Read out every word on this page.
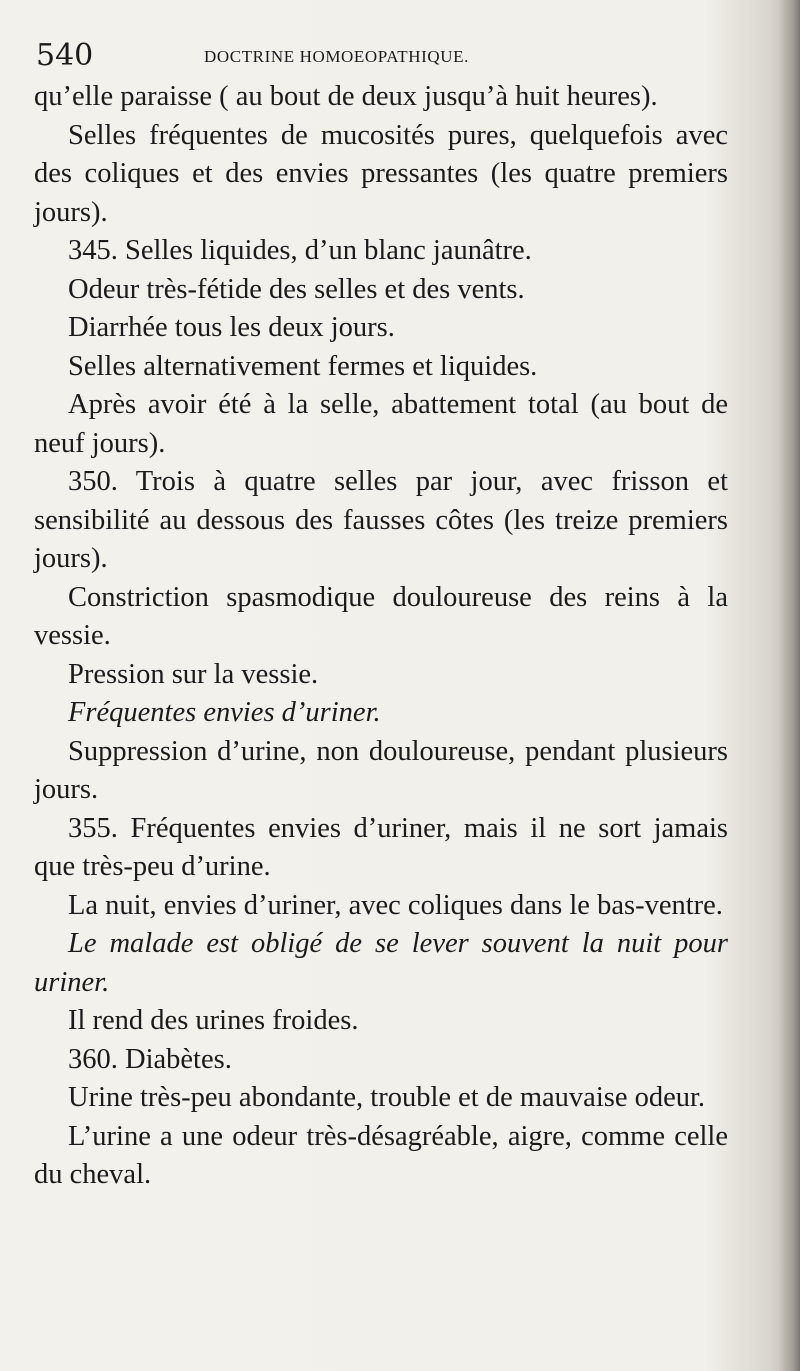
540	DOCTRINE HOMOEOPATHIQUE.

qu’elle paraisse ( au bout de deux jusqu’à huit heures).

Selles fréquentes de mucosités pures, quelquefois avec des coliques et des envies pressantes (les quatre premiers jours).

345. Selles liquides, d’un blanc jaunâtre.

Odeur très-fétide des selles et des vents.

Diarrhée tous les deux jours.

Selles alternativement fermes et liquides.

Après avoir été à la selle, abattement total (au bout de neuf jours).

350. Trois à quatre selles par jour, avec frisson et sensibilité au dessous des fausses côtes (les treize premiers jours).

Constriction spasmodique douloureuse des reins à la vessie.

Pression sur la vessie.

Fréquentes envies d’uriner.

Suppression d’urine, non douloureuse, pendant plusieurs jours.

355. Fréquentes envies d’uriner, mais il ne sort jamais que très-peu d’urine.

La nuit, envies d’uriner, avec coliques dans le bas-ventre.

Le malade est obligé de se lever souvent la nuit pour uriner.

Il rend des urines froides.

360. Diabètes.

Urine très-peu abondante, trouble et de mauvaise odeur.

L’urine a une odeur très-désagréable, aigre, comme celle du cheval.
